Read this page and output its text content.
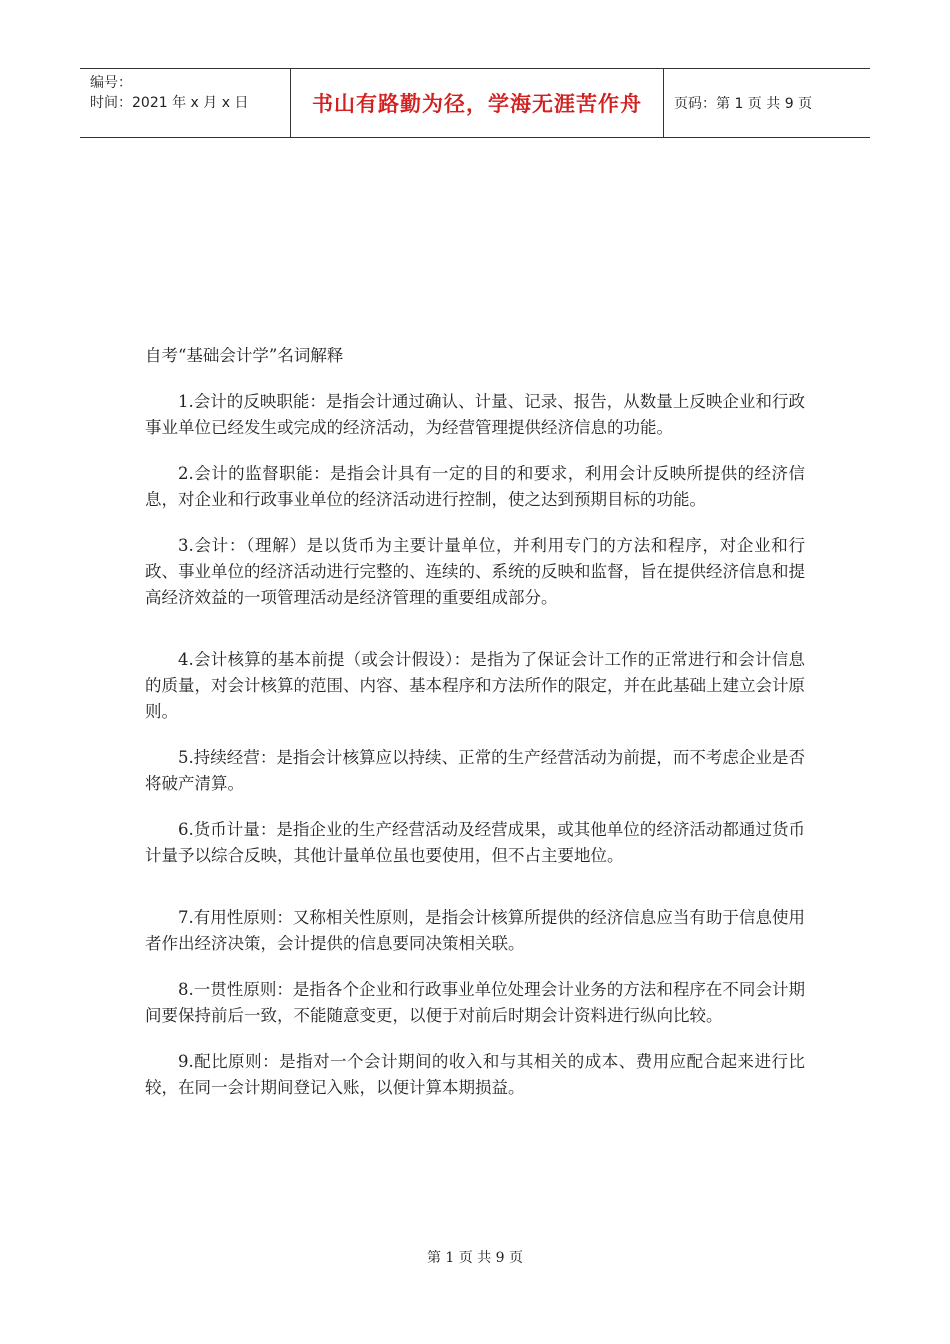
编号：
时间：2021 年 x 月 x 日	书山有路勤为径，学海无涯苦作舟	页码：第 1 页 共 9 页
自考“基础会计学”名词解释

1.会计的反映职能：是指会计通过确认、计量、记录、报告，从数量上反映企业和行政事业单位已经发生或完成的经济活动，为经营管理提供经济信息的功能。

2.会计的监督职能：是指会计具有一定的目的和要求，利用会计反映所提供的经济信息，对企业和行政事业单位的经济活动进行控制，使之达到预期目标的功能。

3.会计：（理解）是以货币为主要计量单位，并利用专门的方法和程序，对企业和行政、事业单位的经济活动进行完整的、连续的、系统的反映和监督，旨在提供经济信息和提高经济效益的一项管理活动是经济管理的重要组成部分。

4.会计核算的基本前提（或会计假设）：是指为了保证会计工作的正常进行和会计信息的质量，对会计核算的范围、内容、基本程序和方法所作的限定，并在此基础上建立会计原则。

5.持续经营：是指会计核算应以持续、正常的生产经营活动为前提，而不考虑企业是否将破产清算。

6.货币计量：是指企业的生产经营活动及经营成果，或其他单位的经济活动都通过货币计量予以综合反映，其他计量单位虽也要使用，但不占主要地位。

7.有用性原则：又称相关性原则，是指会计核算所提供的经济信息应当有助于信息使用者作出经济决策，会计提供的信息要同决策相关联。

8.一贯性原则：是指各个企业和行政事业单位处理会计业务的方法和程序在不同会计期间要保持前后一致，不能随意变更，以便于对前后时期会计资料进行纵向比较。

9.配比原则：是指对一个会计期间的收入和与其相关的成本、费用应配合起来进行比较，在同一会计期间登记入账，以便计算本期损益。

第 1 页 共 9 页
